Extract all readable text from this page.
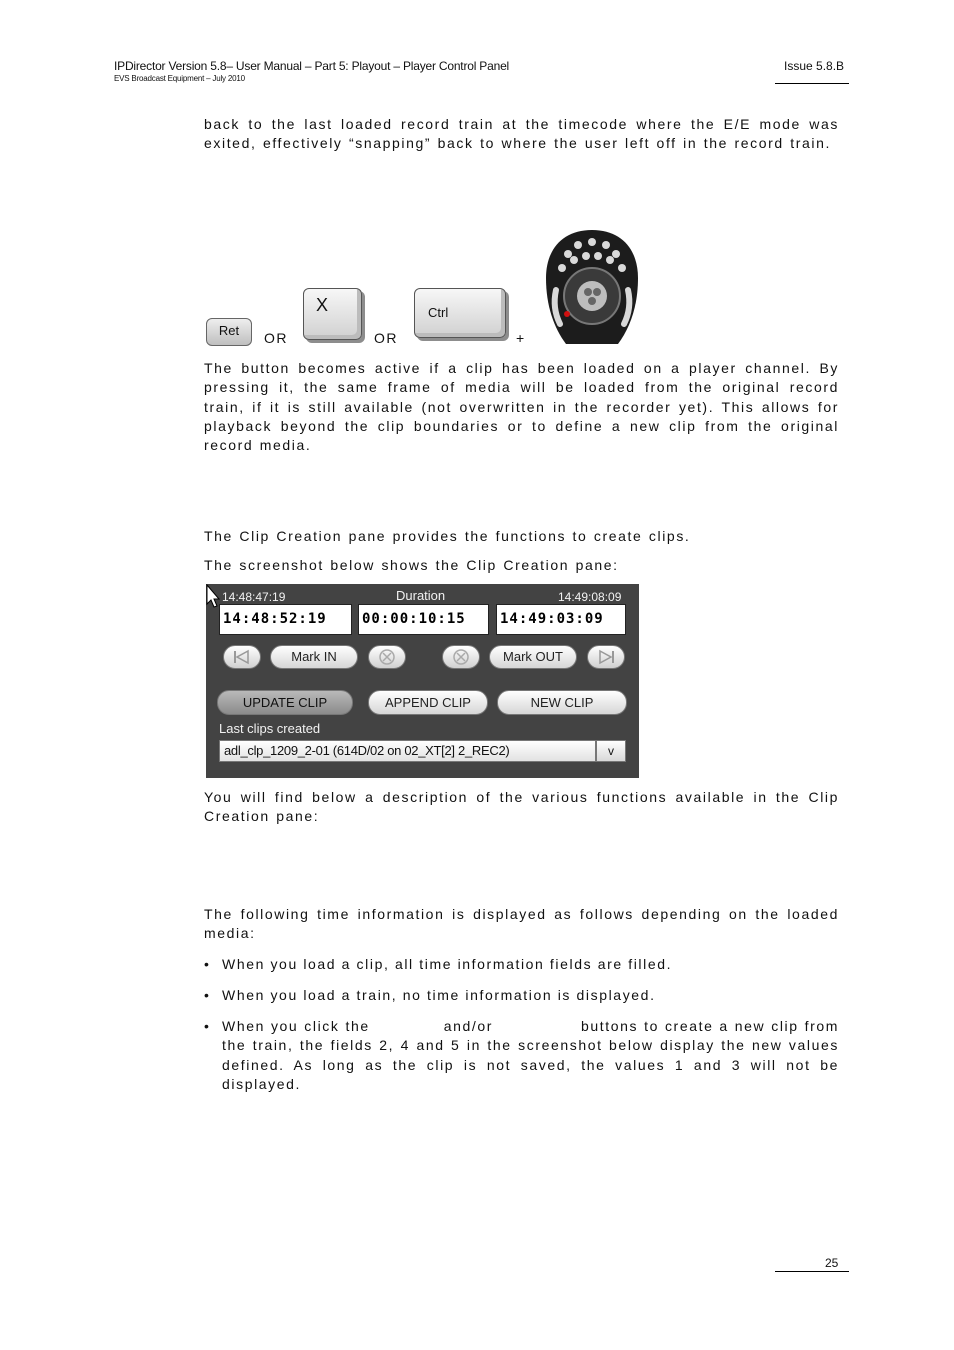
IPDirector Version 5.8– User Manual – Part 5: Playout – Player Control Panel
EVS Broadcast Equipment – July 2010
Issue 5.8.B
back to the last loaded record train at the timecode where the E/E mode was exited, effectively “snapping” back to where the user left off in the record train.
Ret	OR
X
OR
Ctrl
+
The button becomes active if a clip has been loaded on a player channel. By pressing it, the same frame of media will be loaded from the original record train, if it is still available (not overwritten in the recorder yet). This allows for playback beyond the clip boundaries or to define a new clip from the original record media.
The Clip Creation pane provides the functions to create clips.
The screenshot below shows the Clip Creation pane:
14:48:47:19	Duration	14:49:08:09
14:48:52:19	00:00:10:15	14:49:03:09
Mark IN	Mark OUT
UPDATE CLIP	APPEND CLIP	NEW CLIP
Last clips created
adl_clp_1209_2-01 (614D/02 on 02_XT[2] 2_REC2)	v
You will find below a description of the various functions available in the Clip Creation pane:
The following time information is displayed as follows depending on the loaded media:
• When you load a clip, all time information fields are filled.
• When you load a train, no time information is displayed.
• When you click the	and/or	buttons to create a new clip from the train, the fields 2, 4 and 5 in the screenshot below display the new values defined. As long as the clip is not saved, the values 1 and 3 will not be displayed.
25
